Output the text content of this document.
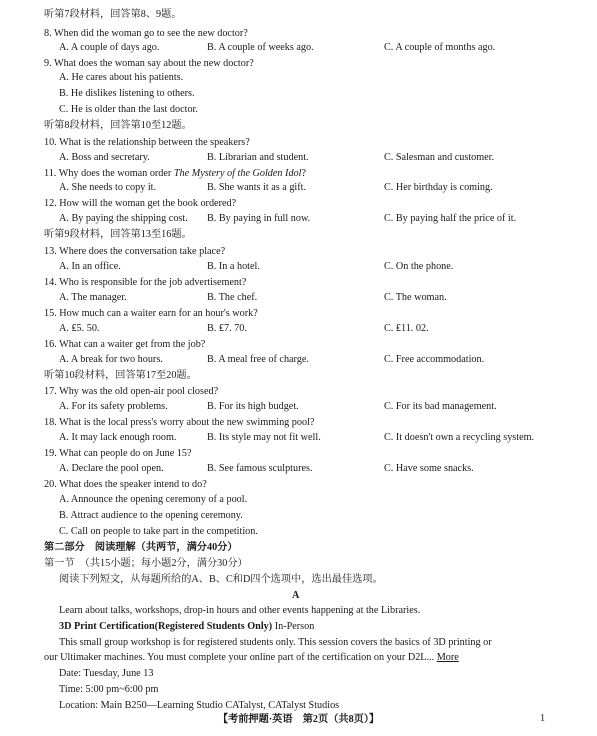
听第7段材料，回答第8、9题。
8. When did the woman go to see the new doctor?
A. A couple of days ago.	B. A couple of weeks ago.	C. A couple of months ago.
9. What does the woman say about the new doctor?
A. He cares about his patients.
B. He dislikes listening to others.
C. He is older than the last doctor.
听第8段材料，回答第10至12题。
10. What is the relationship between the speakers?
A. Boss and secretary.	B. Librarian and student.	C. Salesman and customer.
11. Why does the woman order The Mystery of the Golden Idol?
A. She needs to copy it.	B. She wants it as a gift.	C. Her birthday is coming.
12. How will the woman get the book ordered?
A. By paying the shipping cost. B. By paying in full now.	C. By paying half the price of it.
听第9段材料，回答第13至16题。
13. Where does the conversation take place?
A. In an office.	B. In a hotel.	C. On the phone.
14. Who is responsible for the job advertisement?
A. The manager.	B. The chef.	C. The woman.
15. How much can a waiter earn for an hour's work?
A. ₤5. 50.	B. ₤7. 70.	C. ₤11. 02.
16. What can a waiter get from the job?
A. A break for two hours.	B. A meal free of charge.	C. Free accommodation.
听第10段材料，回答第17至20题。
17. Why was the old open-air pool closed?
A. For its safety problems.	B. For its high budget.	C. For its bad management.
18. What is the local press's worry about the new swimming pool?
A. It may lack enough room.	B. Its style may not fit well.	C. It doesn't own a recycling system.
19. What can people do on June 15?
A. Declare the pool open.	B. See famous sculptures.	C. Have some snacks.
20. What does the speaker intend to do?
A. Announce the opening ceremony of a pool.
B. Attract audience to the opening ceremony.
C. Call on people to take part in the competition.
第二部分　阅读理解（共两节，满分40分）
第一节　（共15小题；每小题2分，满分30分）
阅读下列短文，从每题所给的A、B、C和D四个选项中，选出最佳选项。
A
Learn about talks, workshops, drop-in hours and other events happening at the Libraries.
3D Print Certification(Registered Students Only) In-Person
This small group workshop is for registered students only. This session covers the basics of 3D printing or
our Ultimaker machines. You must complete your online part of the certification on your D2L... More
Date: Tuesday, June 13
Time: 5:00 pm~6:00 pm
Location: Main B250—Learning Studio CATalyst, CATalyst Studios
【考前押题·英语　第2页（共8页）】	1
